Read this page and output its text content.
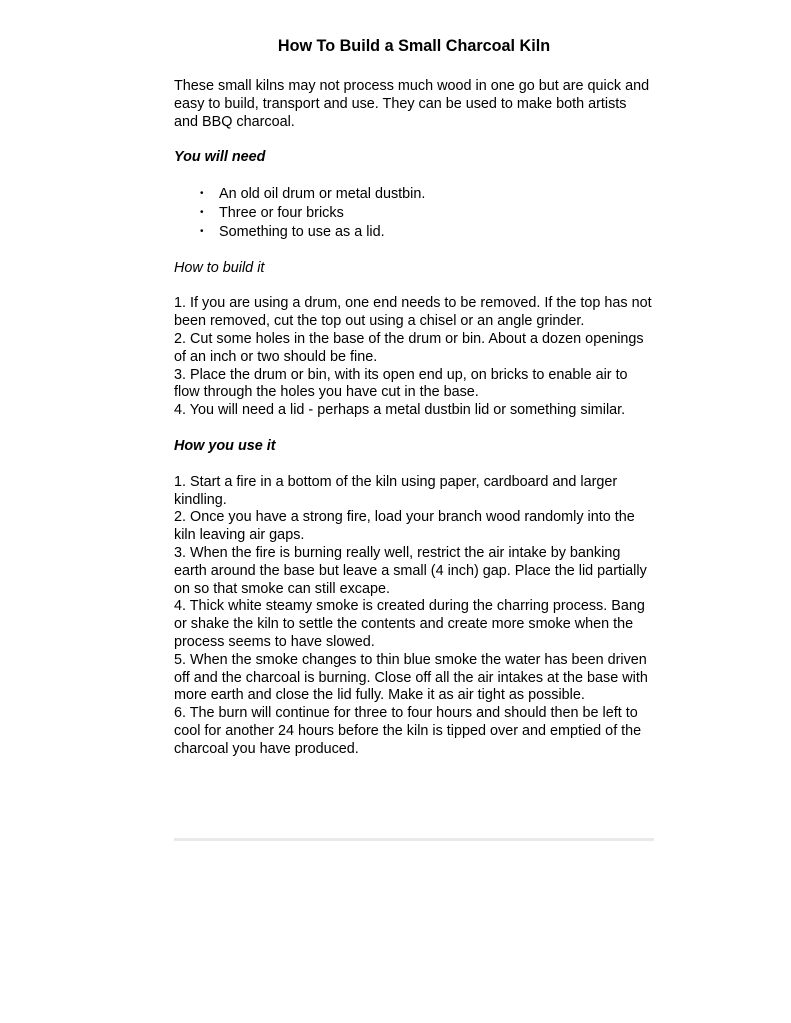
How To Build a Small Charcoal Kiln

These small kilns may not process much wood in one go but are quick and easy to build, transport and use. They can be used to make both artists and BBQ charcoal.

You will need

• An old oil drum or metal dustbin.
• Three or four bricks
• Something to use as a lid.

How to build it

1. If you are using a drum, one end needs to be removed. If the top has not been removed, cut the top out using a chisel or an angle grinder.

2. Cut some holes in the base of the drum or bin. About a dozen openings of an inch or two should be fine.

3. Place the drum or bin, with its open end up, on bricks to enable air to flow through the holes you have cut in the base.

4. You will need a lid - perhaps a metal dustbin lid or something similar.

How you use it

1. Start a fire in a bottom of the kiln using paper, cardboard and larger kindling.

2. Once you have a strong fire, load your branch wood randomly into the kiln leaving air gaps.

3. When the fire is burning really well, restrict the air intake by banking earth around the base but leave a small (4 inch) gap. Place the lid partially on so that smoke can still excape.

4. Thick white steamy smoke is created during the charring process. Bang or shake the kiln to settle the contents and create more smoke when the process seems to have slowed.

5. When the smoke changes to thin blue smoke the water has been driven off and the charcoal is burning. Close off all the air intakes at the base with more earth and close the lid fully. Make it as air tight as possible.

6. The burn will continue for three to four hours and should then be left to cool for another 24 hours before the kiln is tipped over and emptied of the charcoal you have produced.
